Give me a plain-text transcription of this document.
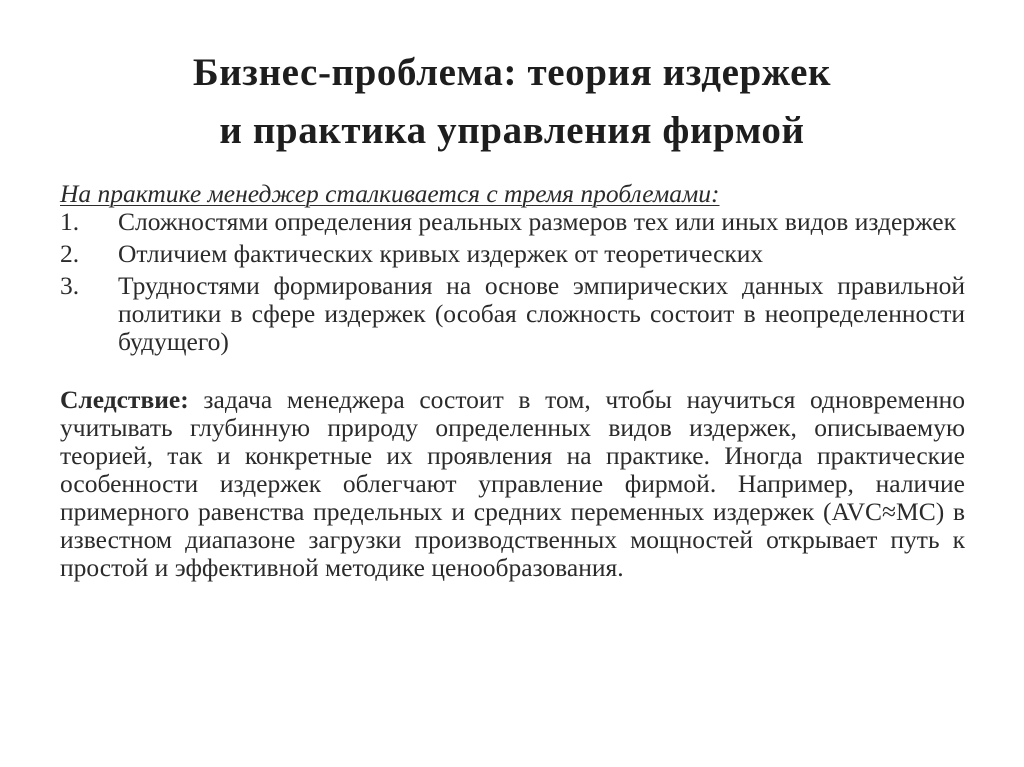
Бизнес-проблема: теория издержек
и практика управления фирмой

На практике менеджер сталкивается с тремя проблемами:

1.	Сложностями определения реальных размеров тех или иных видов издержек
2.	Отличием фактических кривых издержек от теоретических
3.	Трудностями формирования на основе эмпирических данных правильной политики в сфере издержек (особая сложность состоит в неопределенности будущего)

Следствие: задача менеджера состоит в том, чтобы научиться одновременно учитывать глубинную природу определенных видов издержек, описываемую теорией, так и конкретные их проявления на практике. Иногда практические особенности издержек облегчают управление фирмой. Например, наличие примерного равенства предельных и средних переменных издержек (AVC≈MC) в известном диапазоне загрузки производственных мощностей открывает путь к простой и эффективной методике ценообразования.
